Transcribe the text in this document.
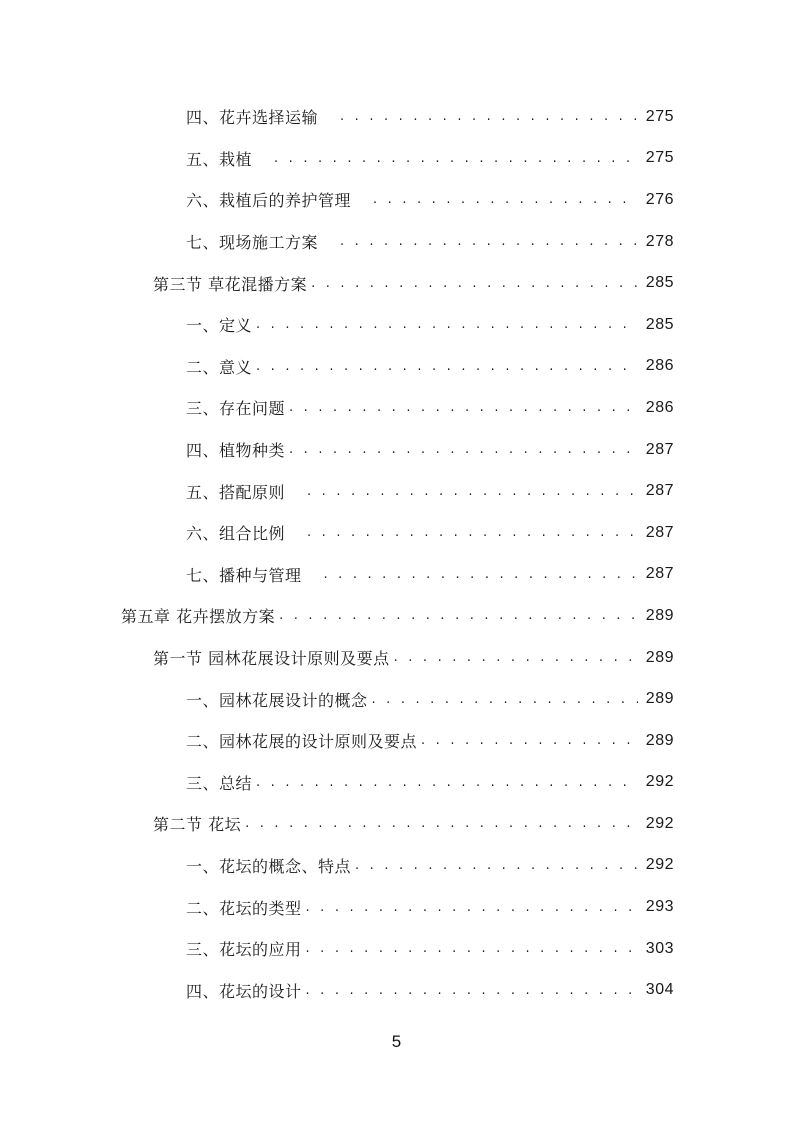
四、花卉选择运输 . . .	275
五、栽植 . . .	275
六、栽植后的养护管理 . . .	276
七、现场施工方案 . . .	278
第三节 草花混播方案 . . .	285
一、定义 . . .	285
二、意义 . . .	286
三、存在问题 . . .	286
四、植物种类 . . .	287
五、搭配原则 . . .	287
六、组合比例 . . .	287
七、播种与管理 . . .	287
第五章 花卉摆放方案 . . .	289
第一节 园林花展设计原则及要点 . . .	289
一、园林花展设计的概念 . . .	289
二、园林花展的设计原则及要点 . . .	289
三、总结 . . .	292
第二节 花坛 . . .	292
一、花坛的概念、特点 . . .	292
二、花坛的类型 . . .	293
三、花坛的应用 . . .	303
四、花坛的设计 . . .	304
5
